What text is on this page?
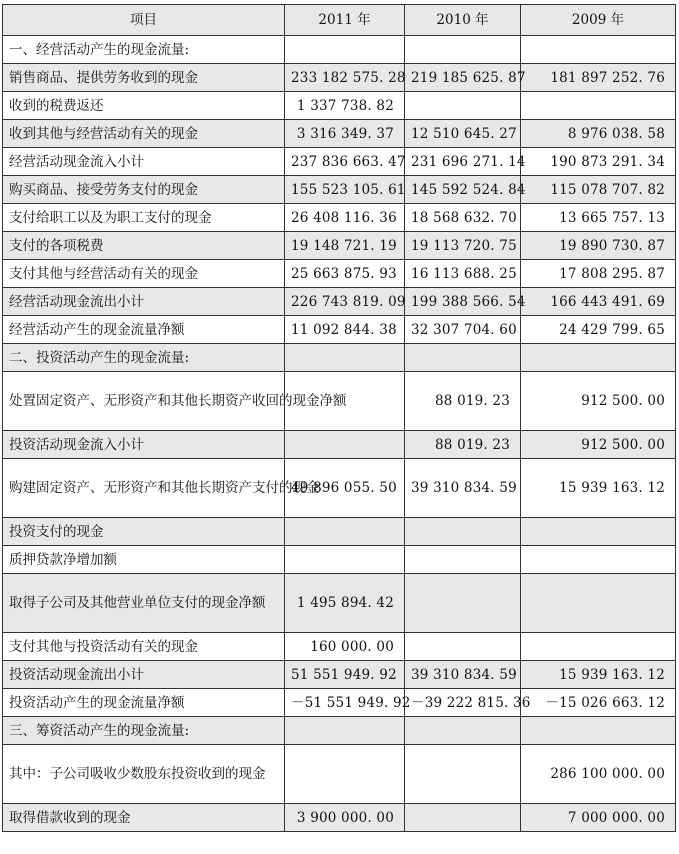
项目	2011 年	2010 年	2009 年
一、经营活动产生的现金流量:			
销售商品、提供劳务收到的现金	233 182 575. 28	219 185 625. 87	181 897 252. 76
收到的税费返还	1 337 738. 82		
收到其他与经营活动有关的现金	3 316 349. 37	12 510 645. 27	8 976 038. 58
经营活动现金流入小计	237 836 663. 47	231 696 271. 14	190 873 291. 34
购买商品、接受劳务支付的现金	155 523 105. 61	145 592 524. 84	115 078 707. 82
支付给职工以及为职工支付的现金	26 408 116. 36	18 568 632. 70	13 665 757. 13
支付的各项税费	19 148 721. 19	19 113 720. 75	19 890 730. 87
支付其他与经营活动有关的现金	25 663 875. 93	16 113 688. 25	17 808 295. 87
经营活动现金流出小计	226 743 819. 09	199 388 566. 54	166 443 491. 69
经营活动产生的现金流量净额	11 092 844. 38	32 307 704. 60	24 429 799. 65
二、投资活动产生的现金流量:			
处置固定资产、无形资产和其他长期资产收回的现金净额		88 019. 23	912 500. 00
投资活动现金流入小计		88 019. 23	912 500. 00
购建固定资产、无形资产和其他长期资产支付的现金	49 896 055. 50	39 310 834. 59	15 939 163. 12
投资支付的现金			
质押贷款净增加额			
取得子公司及其他营业单位支付的现金净额	1 495 894. 42		
支付其他与投资活动有关的现金	160 000. 00		
投资活动现金流出小计	51 551 949. 92	39 310 834. 59	15 939 163. 12
投资活动产生的现金流量净额	－51 551 949. 92	－39 222 815. 36	－15 026 663. 12
三、筹资活动产生的现金流量:			
其中：子公司吸收少数股东投资收到的现金			286 100 000. 00
取得借款收到的现金	3 900 000. 00		7 000 000. 00
